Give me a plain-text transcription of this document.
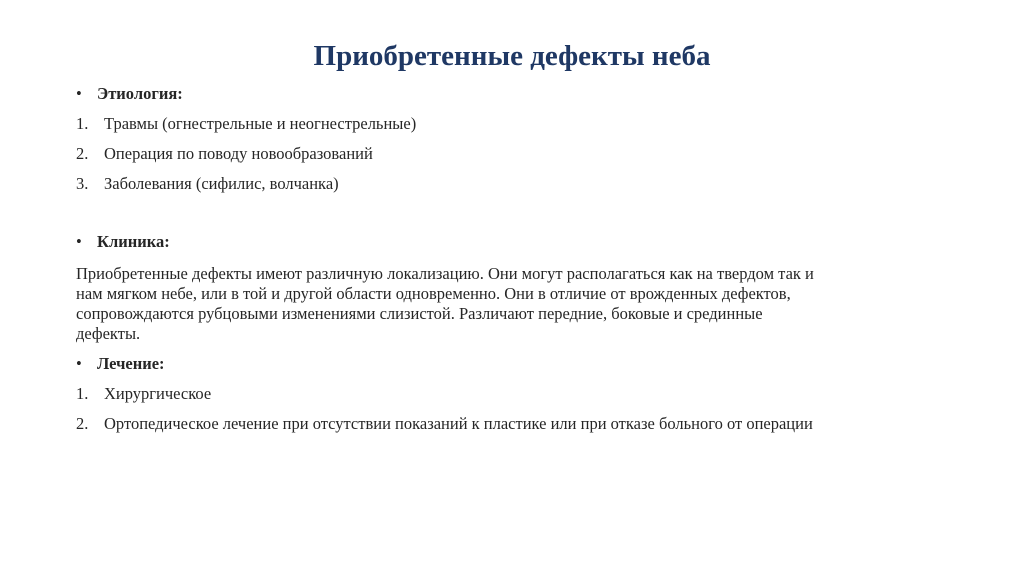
Приобретенные дефекты неба
• Этиология:
1. Травмы (огнестрельные и неогнестрельные)
2. Операция по поводу новообразований
3. Заболевания (сифилис, волчанка)
• Клиника:
Приобретенные дефекты имеют различную локализацию. Они могут располагаться как на твердом так и
нам мягком небе, или в той и другой области одновременно. Они в отличие от врожденных дефектов,
сопровождаются рубцовыми изменениями слизистой. Различают передние, боковые и срединные
дефекты.
• Лечение:
1. Хирургическое
2. Ортопедическое лечение при отсутствии показаний к пластике или при отказе больного от операции
